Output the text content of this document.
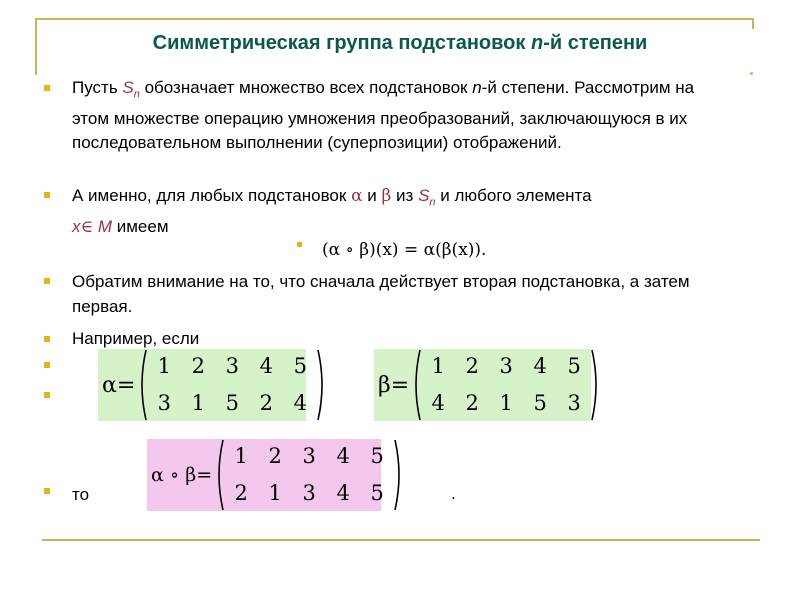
Симметрическая группа подстановок n-й степени
Пусть $S_n$ обозначает множество всех подстановок n-й степени. Рассмотрим на этом множестве операцию умножения преобразований, заключающуюся в их последовательном выполнении (суперпозиции) отображений.
А именно, для любых подстановок α и β из $S_n$ и любого элемента
x∈ M имеем
(α ∘ β)(x) = α(β(x)).
Обратим внимание на то, что сначала действует вторая подстановка, а затем первая.
Например, если
α=
1 2 3 4 5
3 1 5 2 4 ,
β=
1 2 3 4 5
4 2 1 5 3
то
α ∘ β=
1 2 3 4 5
2 1 3 4 5	.
